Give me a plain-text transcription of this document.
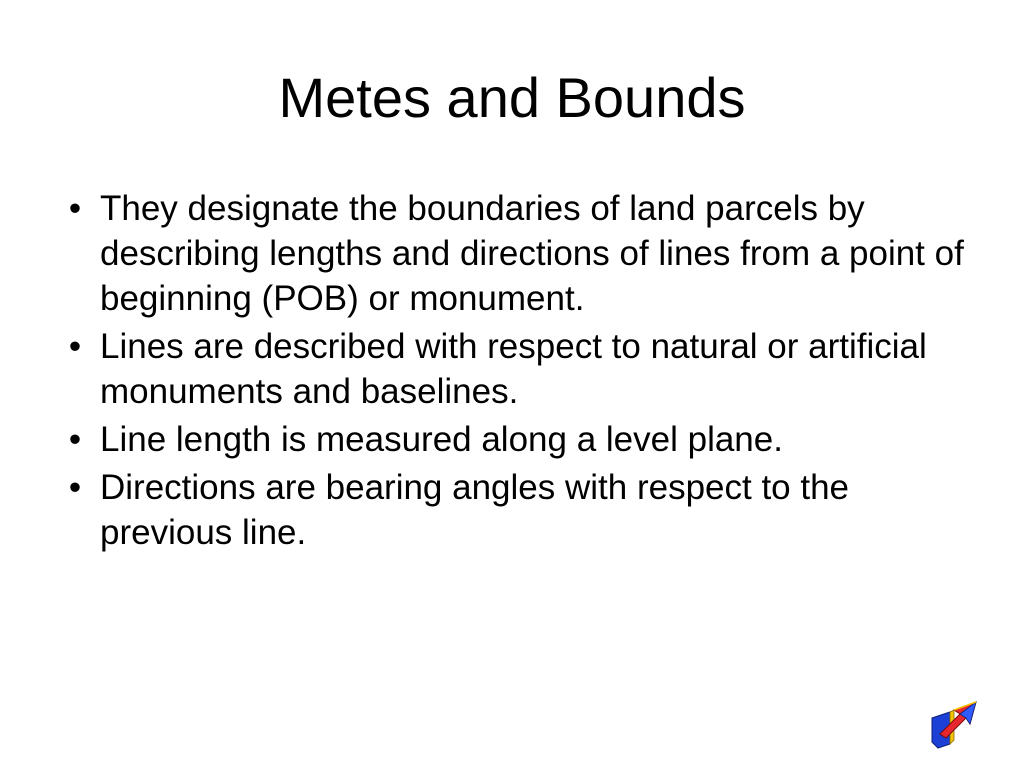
Metes and Bounds
• They designate the boundaries of land parcels by describing lengths and directions of lines from a point of beginning (POB) or monument.
• Lines are described with respect to natural or artificial monuments and baselines.
• Line length is measured along a level plane.
• Directions are bearing angles with respect to the previous line.
